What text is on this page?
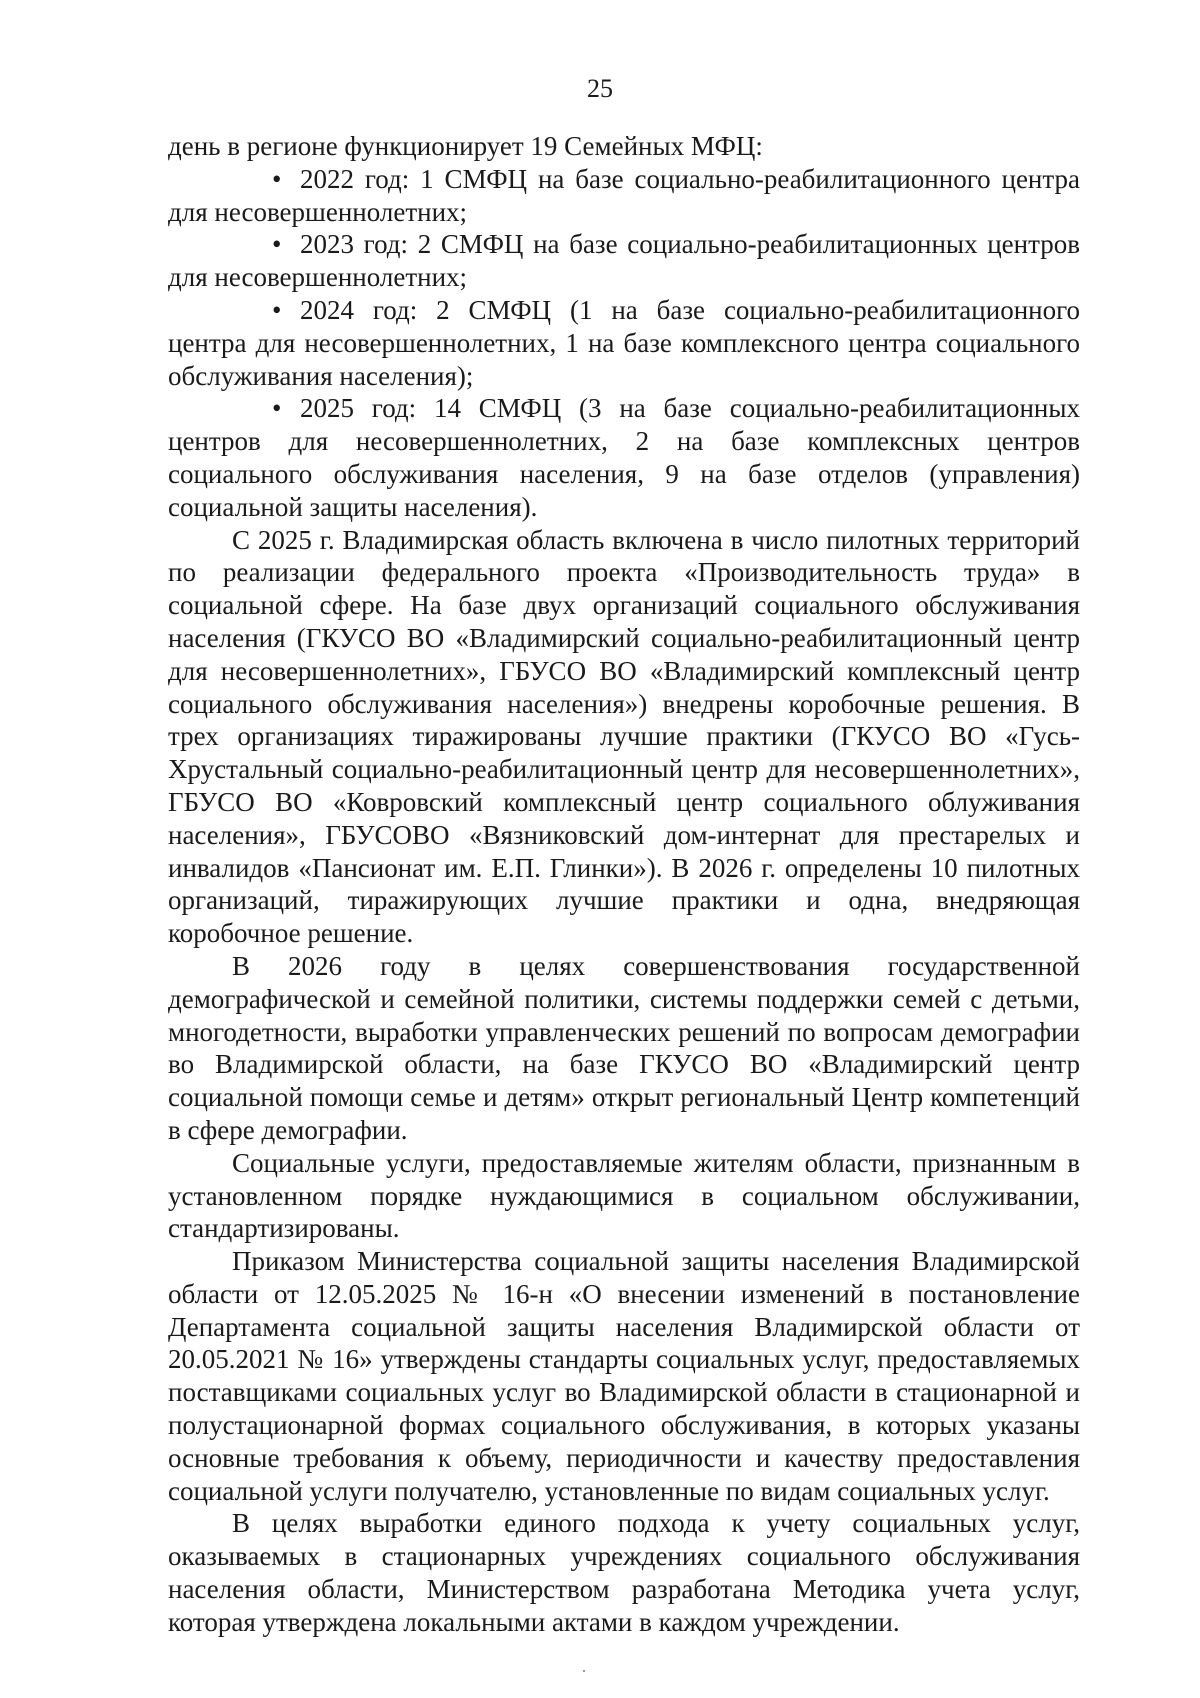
25

день в регионе функционирует 19 Семейных МФЦ:

• 2022 год: 1 СМФЦ на базе социально-реабилитационного центра для несовершеннолетних;
• 2023 год: 2 СМФЦ на базе социально-реабилитационных центров для несовершеннолетних;
• 2024 год: 2 СМФЦ (1 на базе социально-реабилитационного центра для несовершеннолетних, 1 на базе комплексного центра социального обслуживания населения);
• 2025 год: 14 СМФЦ (3 на базе социально-реабилитационных центров для несовершеннолетних, 2 на базе комплексных центров социального обслуживания населения, 9 на базе отделов (управления) социальной защиты населения).

С 2025 г. Владимирская область включена в число пилотных территорий по реализации федерального проекта «Производительность труда» в социальной сфере. На базе двух организаций социального обслуживания населения (ГКУСО ВО «Владимирский социально-реабилитационный центр для несовершеннолетних», ГБУСО ВО «Владимирский комплексный центр социального обслуживания населения») внедрены коробочные решения. В трех организациях тиражированы лучшие практики (ГКУСО ВО «Гусь-Хрустальный социально-реабилитационный центр для несовершеннолетних», ГБУСО ВО «Ковровский комплексный центр социального облуживания населения», ГБУСОВО «Вязниковский дом-интернат для престарелых и инвалидов «Пансионат им. Е.П. Глинки»). В 2026 г. определены 10 пилотных организаций, тиражирующих лучшие практики и одна, внедряющая коробочное решение.

В 2026 году в целях совершенствования государственной демографической и семейной политики, системы поддержки семей с детьми, многодетности, выработки управленческих решений по вопросам демографии во Владимирской области, на базе ГКУСО ВО «Владимирский центр социальной помощи семье и детям» открыт региональный Центр компетенций в сфере демографии.

Социальные услуги, предоставляемые жителям области, признанным в установленном порядке нуждающимися в социальном обслуживании, стандартизированы.

Приказом Министерства социальной защиты населения Владимирской области от 12.05.2025 № 16-н «О внесении изменений в постановление Департамента социальной защиты населения Владимирской области от 20.05.2021 № 16» утверждены стандарты социальных услуг, предоставляемых поставщиками социальных услуг во Владимирской области в стационарной и полустационарной формах социального обслуживания, в которых указаны основные требования к объему, периодичности и качеству предоставления социальной услуги получателю, установленные по видам социальных услуг.

В целях выработки единого подхода к учету социальных услуг, оказываемых в стационарных учреждениях социального обслуживания населения области, Министерством разработана Методика учета услуг, которая утверждена локальными актами в каждом учреждении.
